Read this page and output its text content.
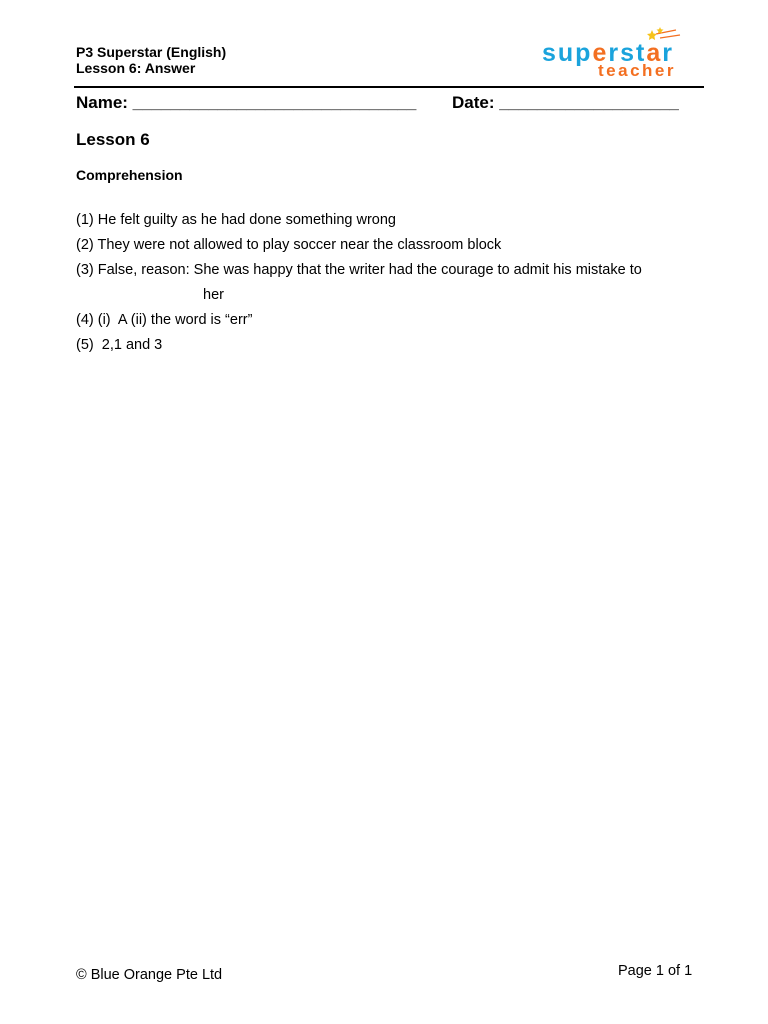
P3 Superstar (English)
Lesson 6: Answer
superstar
teacher
Name: ______________________________ Date: ___________________
Lesson 6
Comprehension
(1) He felt guilty as he had done something wrong
(2) They were not allowed to play soccer near the classroom block
(3) False, reason: She was happy that the writer had the courage to admit his mistake to
her
(4) (i)  A (ii) the word is “err”
(5)  2,1 and 3
© Blue Orange Pte Ltd	Page 1 of 1
